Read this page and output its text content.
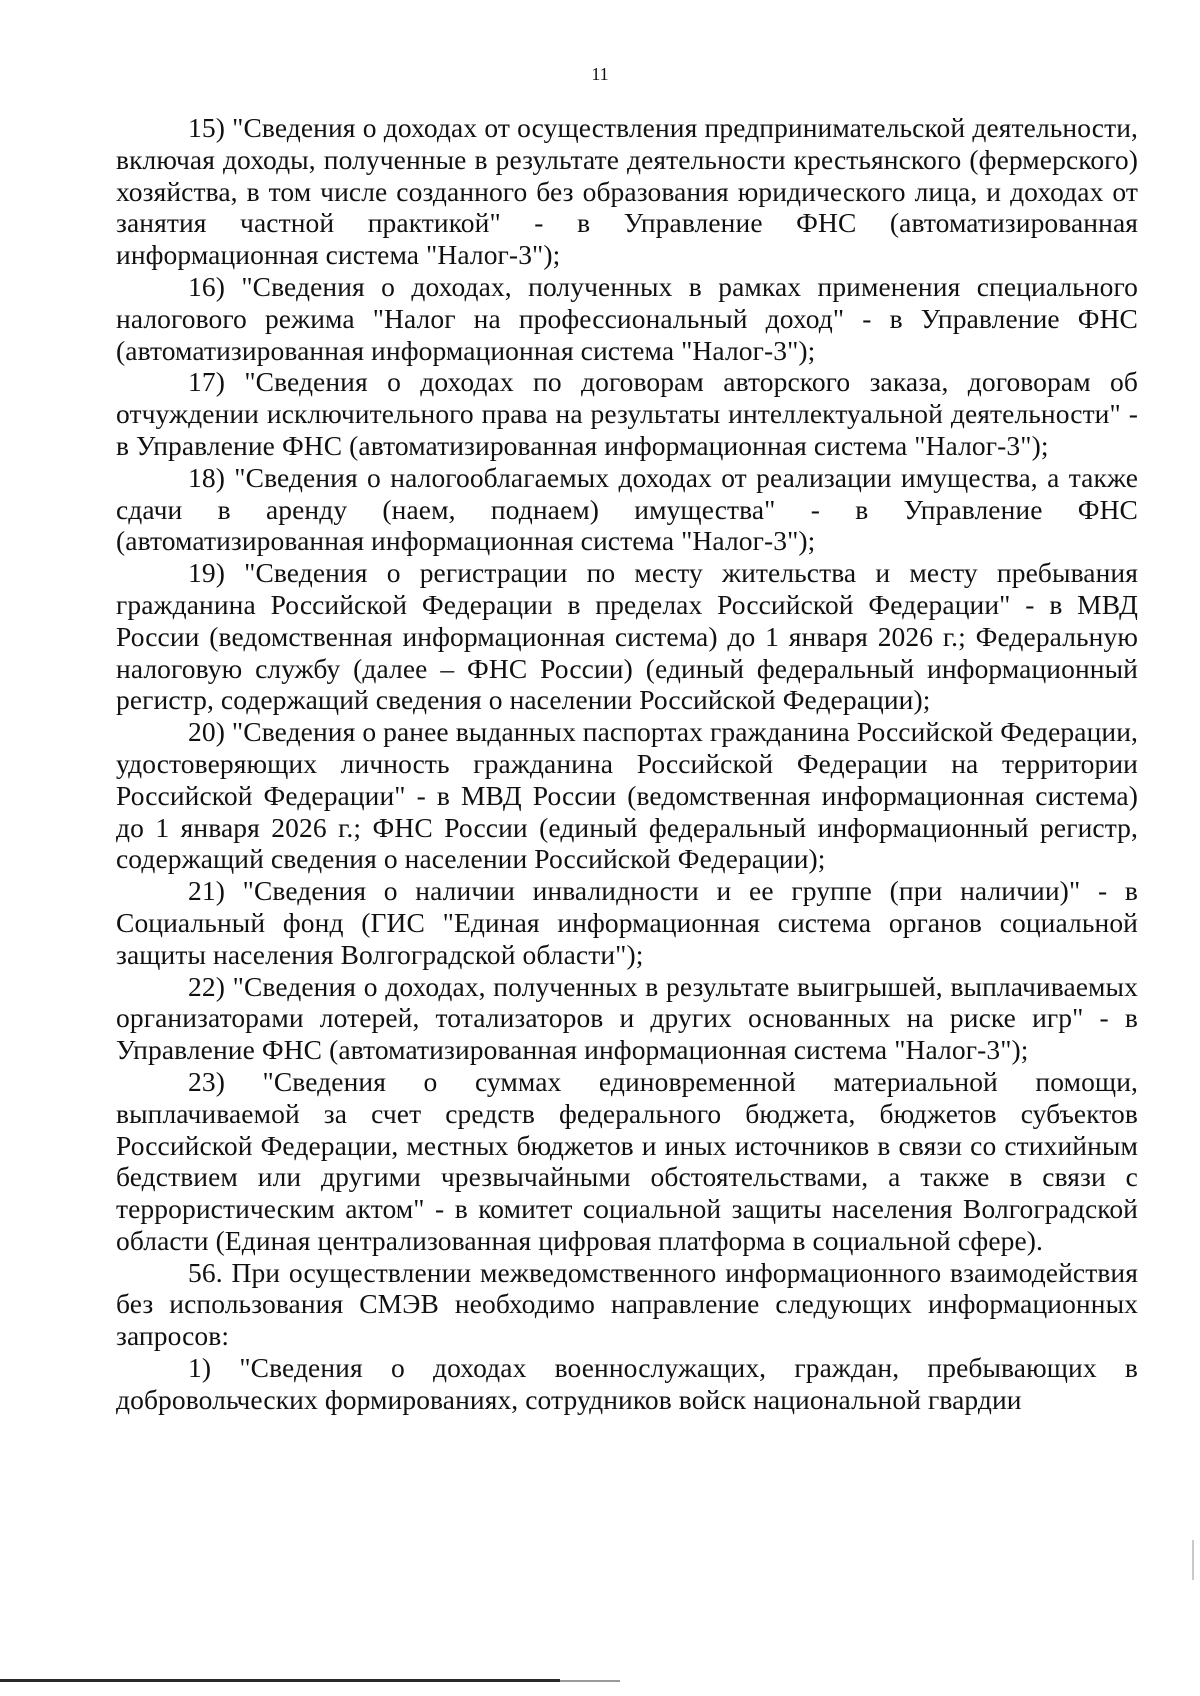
11

15) "Сведения о доходах от осуществления предпринимательской деятельности, включая доходы, полученные в результате деятельности крестьянского (фермерского) хозяйства, в том числе созданного без образования юридического лица, и доходах от занятия частной практикой" - в Управление ФНС (автоматизированная информационная система "Налог-3");

16) "Сведения о доходах, полученных в рамках применения специального налогового режима "Налог на профессиональный доход" - в Управление ФНС (автоматизированная информационная система "Налог-3");

17) "Сведения о доходах по договорам авторского заказа, договорам об отчуждении исключительного права на результаты интеллектуальной деятельности" - в Управление ФНС (автоматизированная информационная система "Налог-3");

18) "Сведения о налогооблагаемых доходах от реализации имущества, а также сдачи в аренду (наем, поднаем) имущества" - в Управление ФНС (автоматизированная информационная система "Налог-3");

19) "Сведения о регистрации по месту жительства и месту пребывания гражданина Российской Федерации в пределах Российской Федерации" - в МВД России (ведомственная информационная система) до 1 января 2026 г.; Федеральную налоговую службу (далее – ФНС России) (единый федеральный информационный регистр, содержащий сведения о населении Российской Федерации);

20) "Сведения о ранее выданных паспортах гражданина Российской Федерации, удостоверяющих личность гражданина Российской Федерации на территории Российской Федерации" - в МВД России (ведомственная информационная система) до 1 января 2026 г.; ФНС России (единый федеральный информационный регистр, содержащий сведения о населении Российской Федерации);

21) "Сведения о наличии инвалидности и ее группе (при наличии)" - в Социальный фонд (ГИС "Единая информационная система органов социальной защиты населения Волгоградской области");

22) "Сведения о доходах, полученных в результате выигрышей, выплачиваемых организаторами лотерей, тотализаторов и других основанных на риске игр" - в Управление ФНС (автоматизированная информационная система "Налог-3");

23) "Сведения о суммах единовременной материальной помощи, выплачиваемой за счет средств федерального бюджета, бюджетов субъектов Российской Федерации, местных бюджетов и иных источников в связи со стихийным бедствием или другими чрезвычайными обстоятельствами, а также в связи с террористическим актом" - в комитет социальной защиты населения Волгоградской области (Единая централизованная цифровая платформа в социальной сфере).

56. При осуществлении межведомственного информационного взаимодействия без использования СМЭВ необходимо направление следующих информационных запросов:

1) "Сведения о доходах военнослужащих, граждан, пребывающих в добровольческих формированиях, сотрудников войск национальной гвардии
